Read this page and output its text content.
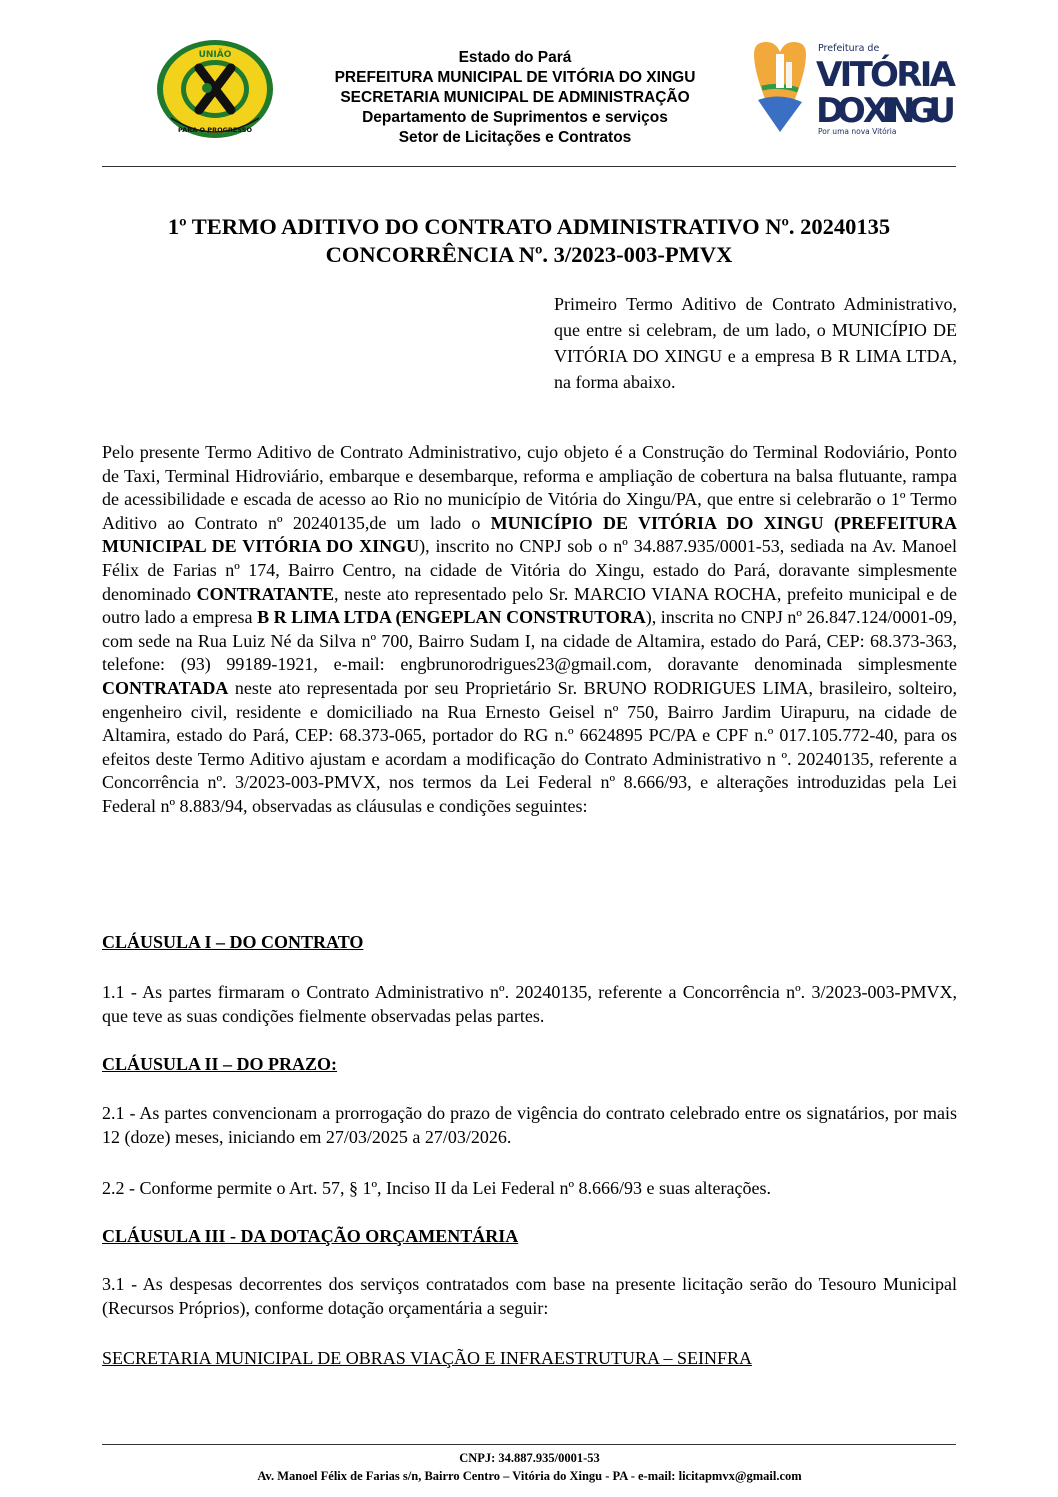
UNIÃO
PARA O PROGRESSO
Estado do Pará
PREFEITURA MUNICIPAL DE VITÓRIA DO XINGU
SECRETARIA MUNICIPAL DE ADMINISTRAÇÃO
Departamento de Suprimentos e serviços
Setor de Licitações e Contratos
Prefeitura de
VITÓRIA
DO XINGU
Por uma nova Vitória
1º TERMO ADITIVO DO CONTRATO ADMINISTRATIVO Nº. 20240135
CONCORRÊNCIA Nº. 3/2023-003-PMVX
Primeiro Termo Aditivo de Contrato Administrativo, que entre si celebram, de um lado, o MUNICÍPIO DE VITÓRIA DO XINGU e a empresa B R LIMA LTDA, na forma abaixo.

Pelo presente Termo Aditivo de Contrato Administrativo, cujo objeto é a Construção do Terminal Rodoviário, Ponto de Taxi, Terminal Hidroviário, embarque e desembarque, reforma e ampliação de cobertura na balsa flutuante, rampa de acessibilidade e escada de acesso ao Rio no município de Vitória do Xingu/PA, que entre si celebrarão o 1º Termo Aditivo ao Contrato nº 20240135,de um lado o MUNICÍPIO DE VITÓRIA DO XINGU (PREFEITURA MUNICIPAL DE VITÓRIA DO XINGU), inscrito no CNPJ sob o nº 34.887.935/0001-53, sediada na Av. Manoel Félix de Farias nº 174, Bairro Centro, na cidade de Vitória do Xingu, estado do Pará, doravante simplesmente denominado CONTRATANTE, neste ato representado pelo Sr. MARCIO VIANA ROCHA, prefeito municipal e de outro lado a empresa B R LIMA LTDA (ENGEPLAN CONSTRUTORA), inscrita no CNPJ nº 26.847.124/0001-09, com sede na Rua Luiz Né da Silva nº 700, Bairro Sudam I, na cidade de Altamira, estado do Pará, CEP: 68.373-363, telefone: (93) 99189-1921, e-mail: engbrunorodrigues23@gmail.com, doravante denominada simplesmente CONTRATADA neste ato representada por seu Proprietário Sr. BRUNO RODRIGUES LIMA, brasileiro, solteiro, engenheiro civil, residente e domiciliado na Rua Ernesto Geisel nº 750, Bairro Jardim Uirapuru, na cidade de Altamira, estado do Pará, CEP: 68.373-065, portador do RG n.º 6624895 PC/PA e CPF n.º 017.105.772-40, para os efeitos deste Termo Aditivo ajustam e acordam a modificação do Contrato Administrativo n º. 20240135, referente a Concorrência nº. 3/2023-003-PMVX, nos termos da Lei Federal nº 8.666/93, e alterações introduzidas pela Lei Federal nº 8.883/94, observadas as cláusulas e condições seguintes:

CLÁUSULA I – DO CONTRATO
1.1 - As partes firmaram o Contrato Administrativo nº. 20240135, referente a Concorrência nº. 3/2023-003-PMVX, que teve as suas condições fielmente observadas pelas partes.
CLÁUSULA II – DO PRAZO:
2.1 - As partes convencionam a prorrogação do prazo de vigência do contrato celebrado entre os signatários, por mais 12 (doze) meses, iniciando em 27/03/2025 a 27/03/2026.
2.2 - Conforme permite o Art. 57, § 1º, Inciso II da Lei Federal nº 8.666/93 e suas alterações.
CLÁUSULA III - DA DOTAÇÃO ORÇAMENTÁRIA
3.1 - As despesas decorrentes dos serviços contratados com base na presente licitação serão do Tesouro Municipal (Recursos Próprios), conforme dotação orçamentária a seguir:
SECRETARIA MUNICIPAL DE OBRAS VIAÇÃO E INFRAESTRUTURA – SEINFRA
CNPJ: 34.887.935/0001-53
Av. Manoel Félix de Farias s/n, Bairro Centro – Vitória do Xingu - PA - e-mail: licitapmvx@gmail.com
